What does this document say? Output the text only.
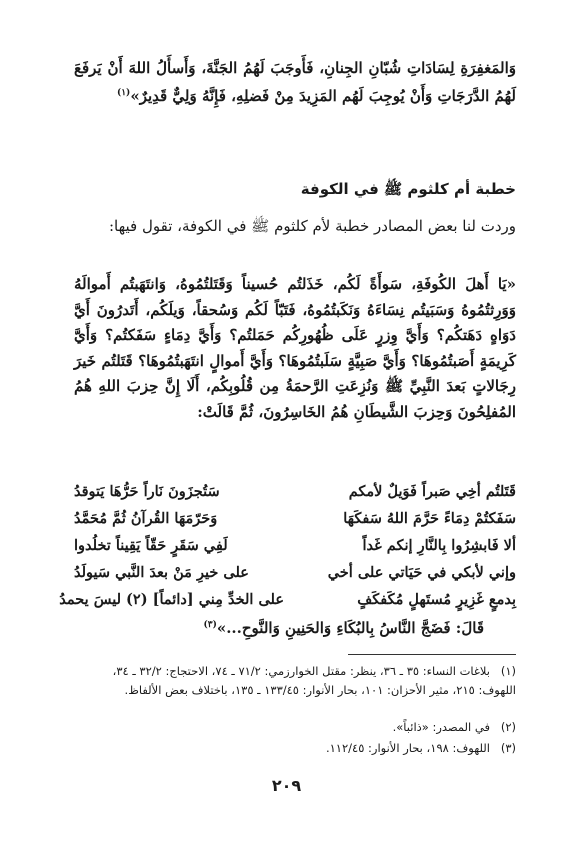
وَالمَغفِرَةِ لِسَادَاتِ شُبّانِ الجِنانِ، فَأَوجَبَ لَهُمُ الجَنَّةَ، وَأَسأَلُ اللهَ أَنْ يَرفَعَ لَهُمُ الدَّرَجَاتِ وَأَنْ يُوجِبَ لَهُم المَزِيدَ مِنْ فَضلِهِ، فَإِنَّهُ وَلِيٌّ قَدِيرٌ»$^{(١)}$
خطبة أم كلثوم ﷺ في الكوفة
وردت لنا بعض المصادر خطبة لأم كلثوم ﷺ في الكوفة، تقول فيها:
«يَا أَهلَ الكُوفَةِ، سَوأَةً لَكُم، خَذَلتُم حُسيناً وَقَتَلتُمُوهُ، وَانتَهَبتُم أَموالَهُ وَوَرِثتُمُوهُ وَسَبَيتُم نِسَاءَهُ وَنَكَبتُمُوهُ، فَتَبّاً لَكُم وَسُحقاً، وَيلَكُم، أَتَدرُونَ أَيَّ دَوَاهٍ دَهَتكُم؟ وَأَيَّ وِزرٍ عَلَى ظُهُورِكُم حَمَلتُم؟ وَأَيَّ دِمَاءٍ سَفَكتُم؟ وَأَيَّ كَرِيمَةٍ أَصَبتُمُوهَا؟ وَأَيَّ صَبِيَّةٍ سَلَبتُمُوهَا؟ وَأَيَّ أَموالٍ انتَهَبتُمُوهَا؟ قَتَلتُم خَيرَ رِجَالاتٍ بَعدَ النَّبِيِّ ﷺ وَنُزِعَتِ الرَّحمَةُ مِن قُلُوبِكُم، أَلَا إِنَّ حِزبَ اللهِ هُمُ المُفلِحُونَ وَحِزبَ الشَّيطَانِ هُمُ الخَاسِرُونَ، ثُمَّ قَالَتْ:
قَتَلتُم أخِي صَبراً فَوَيلٌ لأمكم
سَتُجزَونَ نَاراً حَرُّهَا يَتوقدُ
سَفَكتُمْ دِمَاءً حَرَّمَ اللهُ سَفكَهَا
وَحَرّمَهَا القُرآنُ ثُمَّ مُحَمَّدُ
ألا فَابشِرُوا بِالنَّارِ إنكم غَداً
لَفِي سَقَرٍ حَقّاً يَقِيناً تخلُدوا
وإني لأبكي في حَيَاتي على أخي
على خيرِ مَنْ بعدَ النَّبي سَيولَدُ
بِدمعٍ غَزِيرٍ مُستَهلٍ مُكَفكَفٍ
على الخدِّ مِني [دائماً] (٢) ليسَ يحمدُ
قَالَ: فَضَجَّ النَّاسُ بِالبُكَاءِ وَالحَنِينِ وَالنَّوحِ...»$^{(٣)}$
(١)بلاغات النساء: ٣٥ ـ ٣٦، ينظر: مقتل الخوارزمي: ٧١/٢ ـ ٧٤، الاحتجاج: ٣٢/٢ ـ ٣٤، اللهوف: ٢١٥، مثير الأحزان: ١٠١، بحار الأنوار: ١٣٣/٤٥ ـ ١٣٥، باختلاف بعض الألفاظ.
(٢)في المصدر: «ذائباً».
(٣)اللهوف: ١٩٨، بحار الأنوار: ١١٢/٤٥.
٢٠٩
